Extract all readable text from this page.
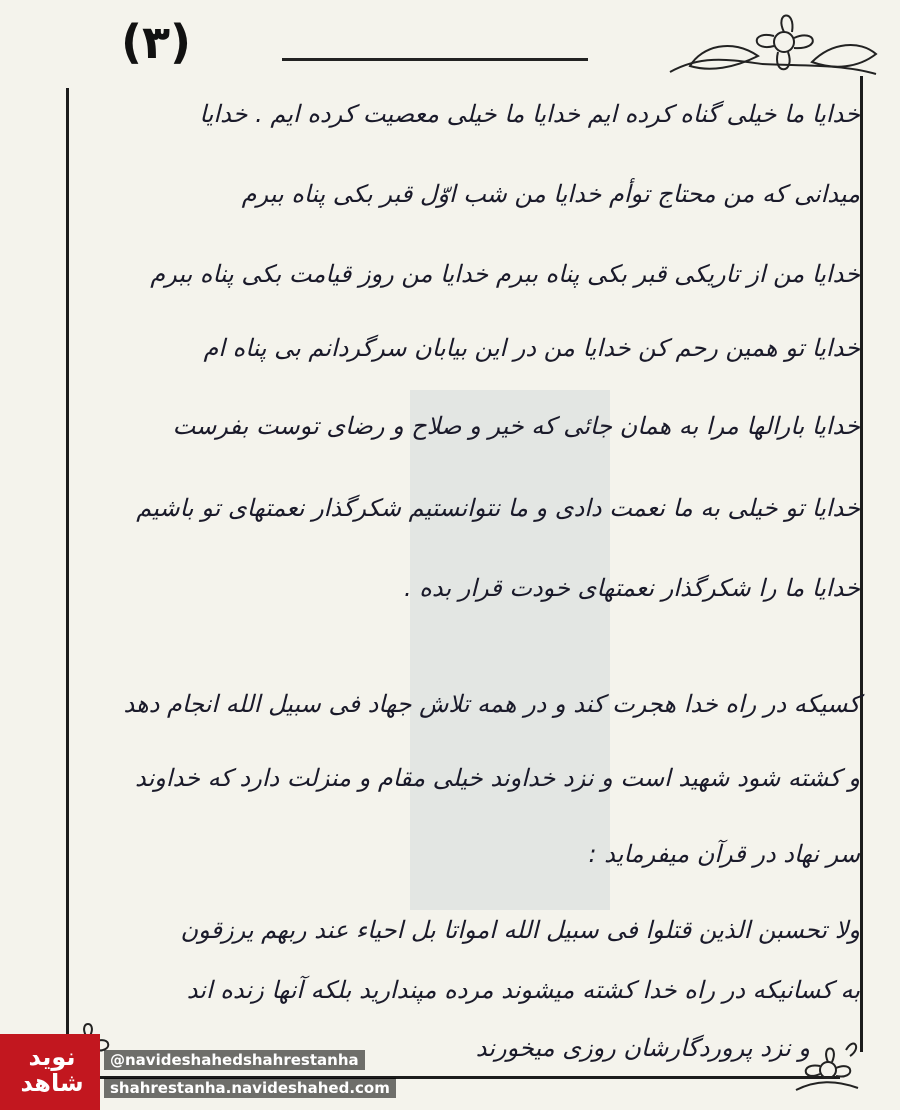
(۳)
خدایا ما خیلی گناه کرده ایم خدایا ما خیلی معصیت کرده ایم . خدایا
میدانی که من محتاج توأم خدایا من شب اوّل قبر بکی پناه ببرم
خدایا من از تاریکی قبر بکی پناه ببرم خدایا من روز قیامت بکی پناه ببرم
خدایا تو همین رحم کن خدایا من در این بیابان سرگردانم بی پناه ام
خدایا بارالها مرا به همان جائی که خیر و صلاح و رضای توست بفرست
خدایا تو خیلی به ما نعمت دادی و ما نتوانستیم شکرگذار نعمتهای تو باشیم
خدایا ما را شکرگذار نعمتهای خودت قرار بده .
کسیکه در راه خدا هجرت کند و در همه تلاش جهاد فی سبیل الله انجام دهد
و کشته شود شهید است و نزد خداوند خیلی مقام و منزلت دارد که خداوند
سر نهاد در قرآن میفرماید :
ولا تحسبن الذین قتلوا فی سبیل الله امواتا بل احیاء عند ربهم یرزقون
به کسانیکه در راه خدا کشته میشوند مرده مپندارید بلکه آنها زنده اند
و نزد پروردگارشان روزی میخورند
نوید شاهد
@navideshahedshahrestanha
shahrestanha.navideshahed.com
